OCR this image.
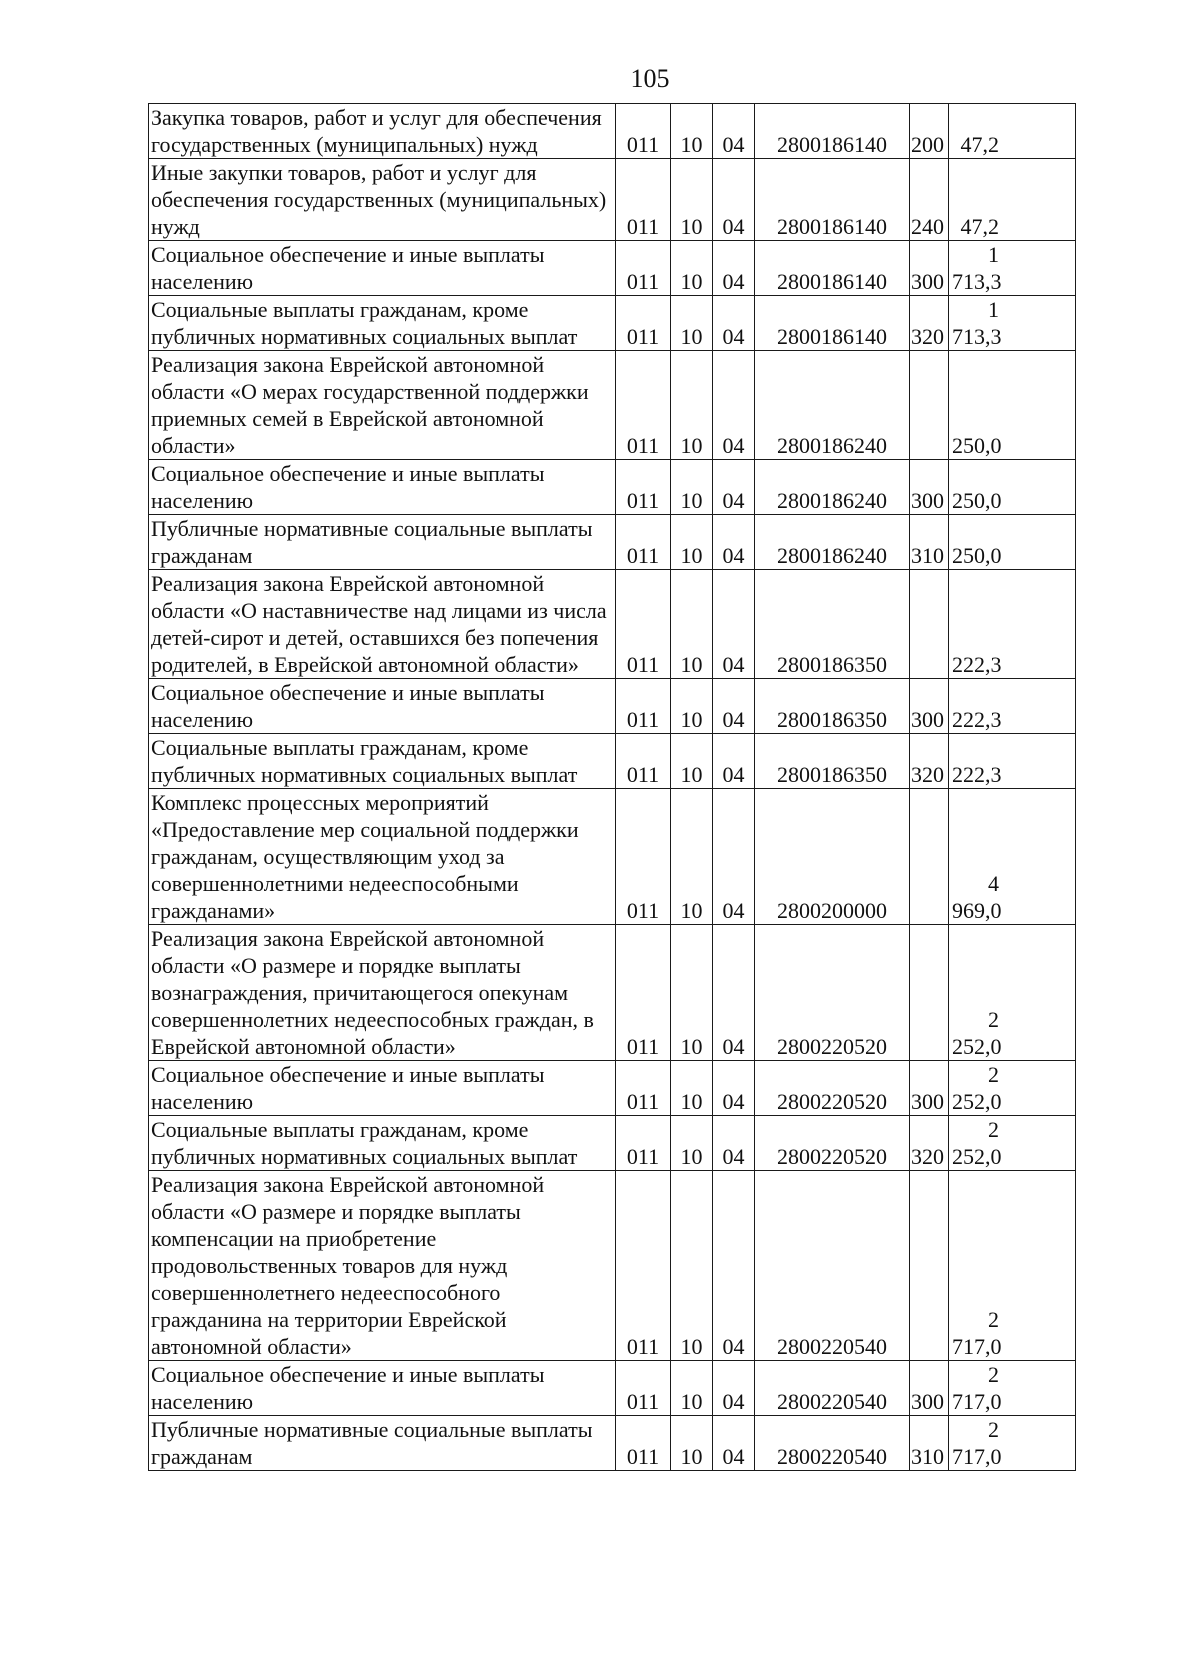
105
Закупка товаров, работ и услуг для обеспечения государственных (муниципальных) нужд	011	10	04	2800186140	200	47,2
Иные закупки товаров, работ и услуг для обеспечения государственных (муниципальных) нужд	011	10	04	2800186140	240	47,2
Социальное обеспечение и иные выплаты населению	011	10	04	2800186140	300	1 713,3
Социальные выплаты гражданам, кроме публичных нормативных социальных выплат	011	10	04	2800186140	320	1 713,3
Реализация закона Еврейской автономной области «О мерах государственной поддержки приемных семей в Еврейской автономной области»	011	10	04	2800186240		250,0
Социальное обеспечение и иные выплаты населению	011	10	04	2800186240	300	250,0
Публичные нормативные социальные выплаты гражданам	011	10	04	2800186240	310	250,0
Реализация закона Еврейской автономной области «О наставничестве над лицами из числа детей-сирот и детей, оставшихся без попечения родителей, в Еврейской автономной области»	011	10	04	2800186350		222,3
Социальное обеспечение и иные выплаты населению	011	10	04	2800186350	300	222,3
Социальные выплаты гражданам, кроме публичных нормативных социальных выплат	011	10	04	2800186350	320	222,3
Комплекс процессных мероприятий «Предоставление мер социальной поддержки гражданам, осуществляющим уход за совершеннолетними недееспособными гражданами»	011	10	04	2800200000		4 969,0
Реализация закона Еврейской автономной области «О размере и порядке выплаты вознаграждения, причитающегося опекунам совершеннолетних недееспособных граждан, в Еврейской автономной области»	011	10	04	2800220520		2 252,0
Социальное обеспечение и иные выплаты населению	011	10	04	2800220520	300	2 252,0
Социальные выплаты гражданам, кроме публичных нормативных социальных выплат	011	10	04	2800220520	320	2 252,0
Реализация закона Еврейской автономной области «О размере и порядке выплаты компенсации на приобретение продовольственных товаров для нужд совершеннолетнего недееспособного гражданина на территории Еврейской автономной области»	011	10	04	2800220540		2 717,0
Социальное обеспечение и иные выплаты населению	011	10	04	2800220540	300	2 717,0
Публичные нормативные социальные выплаты гражданам	011	10	04	2800220540	310	2 717,0
